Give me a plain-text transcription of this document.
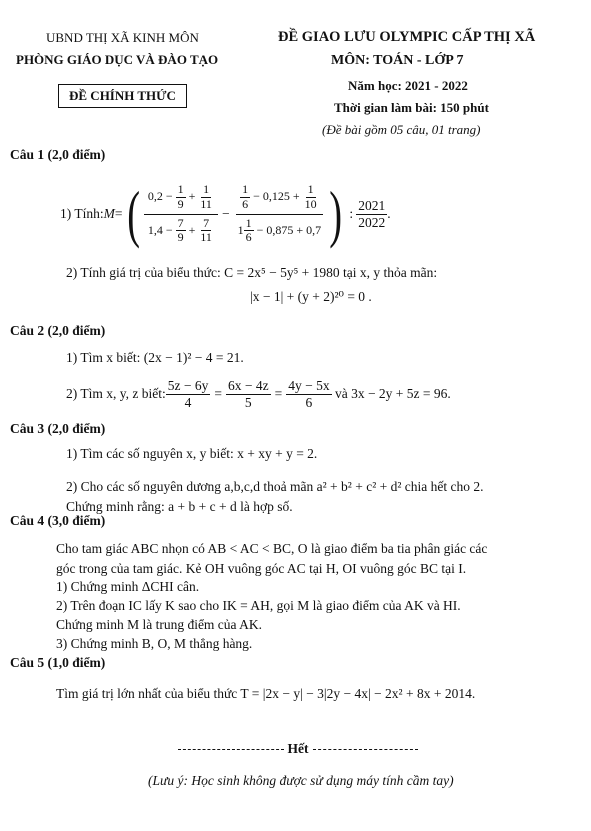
UBND THỊ XÃ KINH MÔN
PHÒNG GIÁO DỤC VÀ ĐÀO TẠO
ĐỀ CHÍNH THỨC
ĐỀ GIAO LƯU OLYMPIC CẤP THỊ XÃ
MÔN: TOÁN - LỚP 7
Năm học: 2021 - 2022
Thời gian làm bài: 150 phút
(Đề bài gồm 05 câu, 01 trang)
Câu 1 (2,0 điểm)
1) Tính: M = ( $\frac{0,2 - \frac{1}{9} + \frac{1}{11}}{1,4 - \frac{7}{9} + \frac{7}{11}} - \frac{\frac{1}{6} - 0,125 + \frac{1}{10}}{1 \frac{1}{6} - 0,875 + 0,7}$ ) : $\frac{2021}{2022}$ .
2) Tính giá trị của biểu thức: C = 2x⁵ − 5y⁵ + 1980 tại x, y thỏa mãn:
|x − 1| + (y + 2)²⁰ = 0 .
Câu 2 (2,0 điểm)
1) Tìm x biết: (2x − 1)² − 4 = 21.
2) Tìm x, y, z biết: $\frac{5z - 6y}{4} = \frac{6x - 4z}{5} = \frac{4y - 5x}{6}$ và 3x − 2y + 5z = 96.
Câu 3 (2,0 điểm)
1) Tìm các số nguyên x, y biết: x + xy + y = 2.
2) Cho các số nguyên dương a,b,c,d thoả mãn a² + b² + c² + d² chia hết cho 2.
Chứng minh rằng: a + b + c + d là hợp số.
Câu 4 (3,0 điểm)
Cho tam giác ABC nhọn có AB < AC < BC, O là giao điểm ba tia phân giác các
góc trong của tam giác. Kẻ OH vuông góc AC tại H, OI vuông góc BC tại I.
1) Chứng minh ΔCHI cân.
2) Trên đoạn IC lấy K sao cho IK = AH, gọi M là giao điểm của AK và HI.
Chứng minh M là trung điểm của AK.
3) Chứng minh B, O, M thẳng hàng.
Câu 5 (1,0 điểm)
Tìm giá trị lớn nhất của biểu thức T = |2x − y| − 3|2y − 4x| − 2x² + 8x + 2014.
Hết
(Lưu ý: Học sinh không được sử dụng máy tính cầm tay)
